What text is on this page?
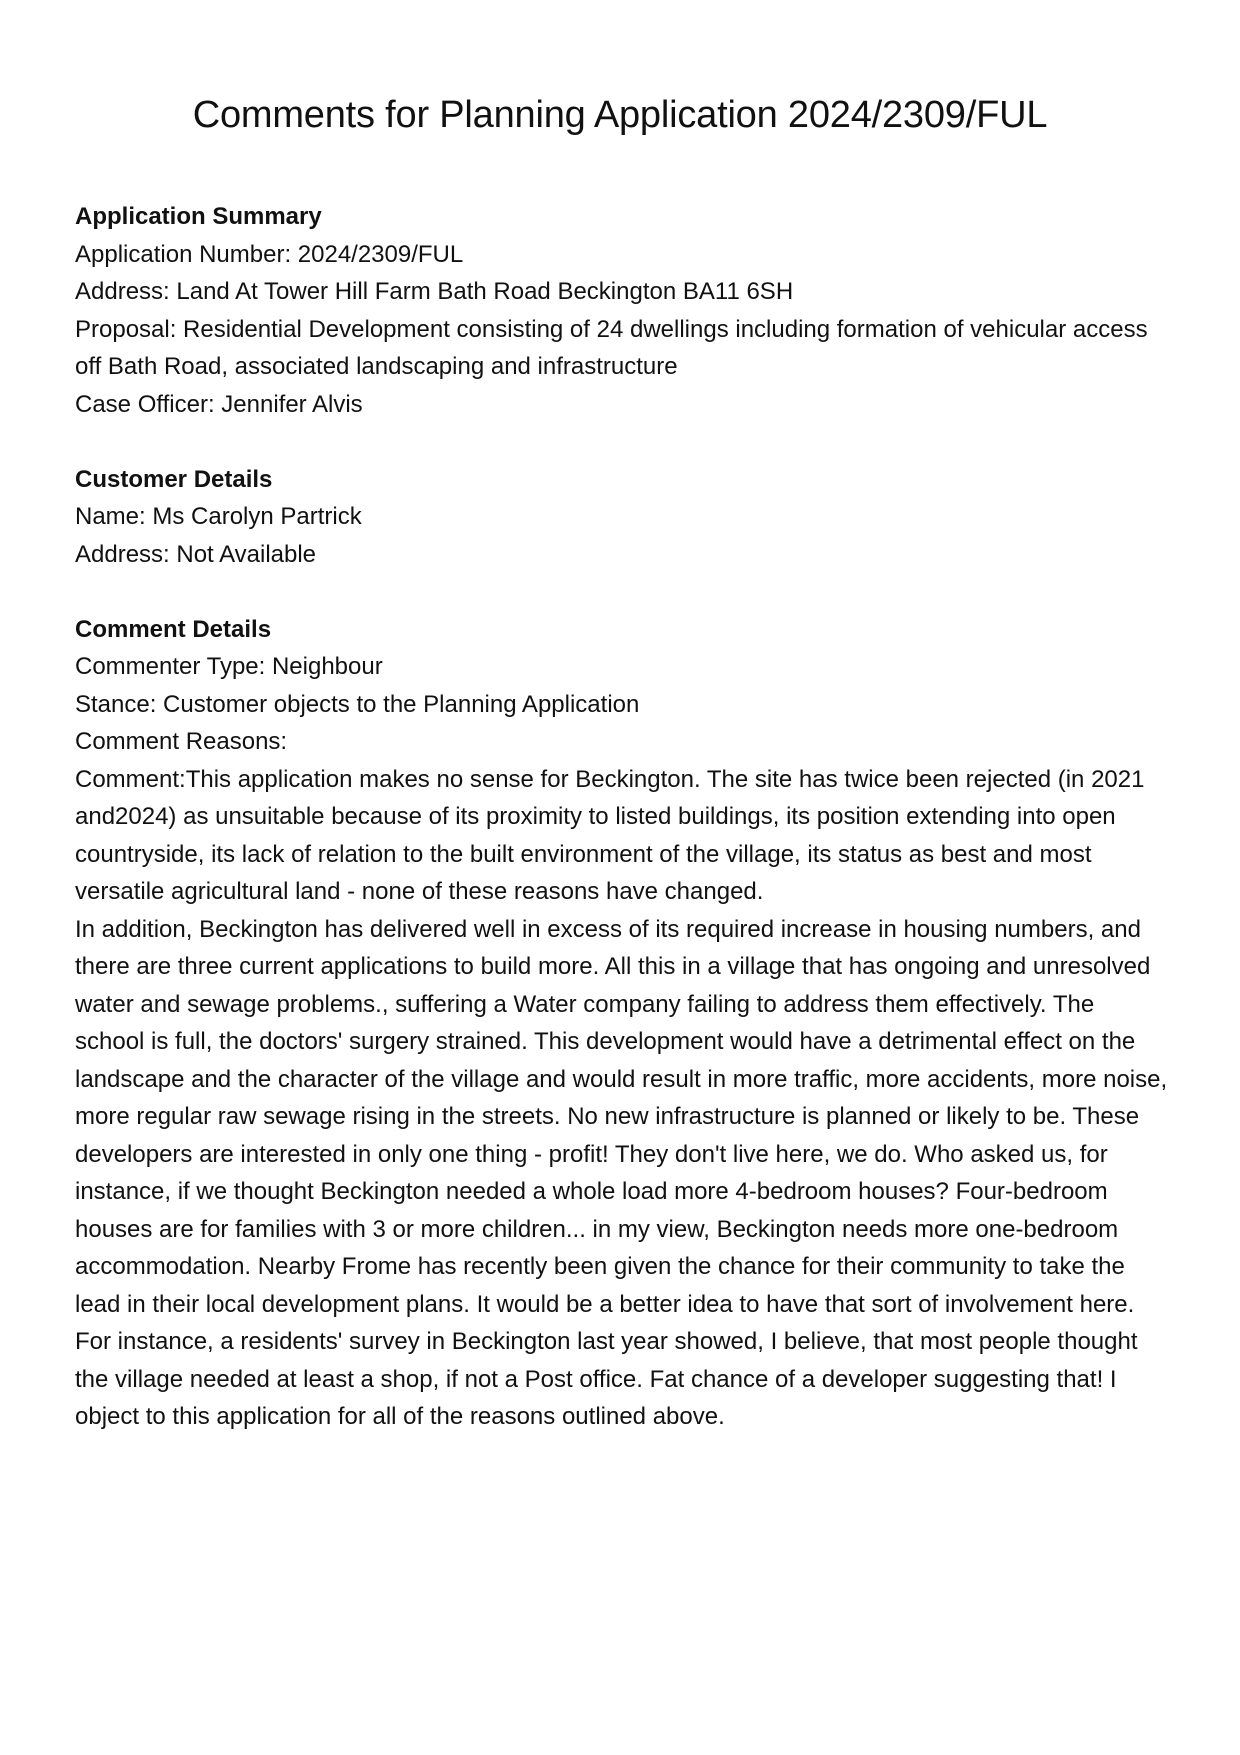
Comments for Planning Application 2024/2309/FUL

Application Summary

Application Number: 2024/2309/FUL

Address: Land At Tower Hill Farm Bath Road Beckington BA11 6SH

Proposal: Residential Development consisting of 24 dwellings including formation of vehicular access off Bath Road, associated landscaping and infrastructure

Case Officer: Jennifer Alvis

Customer Details

Name: Ms Carolyn Partrick

Address: Not Available

Comment Details

Commenter Type: Neighbour

Stance: Customer objects to the Planning Application

Comment Reasons:

Comment:This application makes no sense for Beckington. The site has twice been rejected (in 2021 and2024) as unsuitable because of its proximity to listed buildings, its position extending into open countryside, its lack of relation to the built environment of the village, its status as best and most versatile agricultural land - none of these reasons have changed.

In addition, Beckington has delivered well in excess of its required increase in housing numbers, and there are three current applications to build more. All this in a village that has ongoing and unresolved water and sewage problems., suffering a Water company failing to address them effectively. The school is full, the doctors' surgery strained. This development would have a detrimental effect on the landscape and the character of the village and would result in more traffic, more accidents, more noise, more regular raw sewage rising in the streets. No new infrastructure is planned or likely to be. These developers are interested in only one thing - profit! They don't live here, we do. Who asked us, for instance, if we thought Beckington needed a whole load more 4-bedroom houses? Four-bedroom houses are for families with 3 or more children... in my view, Beckington needs more one-bedroom accommodation. Nearby Frome has recently been given the chance for their community to take the lead in their local development plans. It would be a better idea to have that sort of involvement here. For instance, a residents' survey in Beckington last year showed, I believe, that most people thought the village needed at least a shop, if not a Post office. Fat chance of a developer suggesting that! I object to this application for all of the reasons outlined above.
